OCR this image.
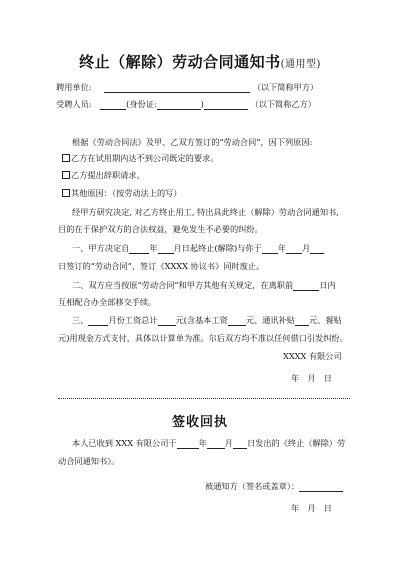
终止（解除）劳动合同通知书(通用型)
聘用单位:	（以下简称甲方）
受聘人员:	(身份证:	)	（以下简称乙方）
根据《劳动合同法》及甲、乙双方签订的“劳动合同”，因下列原因:
乙方在试用期内达不到公司既定的要求。
乙方提出辞职请求。
其他原因：（按劳动法上的写）
经甲方研究决定, 对乙方终止用工, 特出具此终止（解除）劳动合同通知书,
目的在于保护双方的合法权益，避免发生不必要的纠纷。
一、甲方决定自 年 月日起终止(解除)与你于 年 月
日签订的“劳动合同”，签订《XXXX 协议书》同时废止。
二、双方应当按原“劳动合同”和甲方其他有关规定，在离职前	日内
互相配合办全部移交手续。
三、 月份工资总计 元(含基本工资 元、通讯补贴 元、餐贴
元)用现金方式支付，具体以计算单为准。尔后双方均不准以任何借口引发纠纷。
XXXX 有限公司
年　月　日
签收回执
本人已收到 XXX 有限公司于	年 月 日发出的《终止（解除）劳
动合同通知书》。
被通知方（签名或盖章）：
年　月　日
